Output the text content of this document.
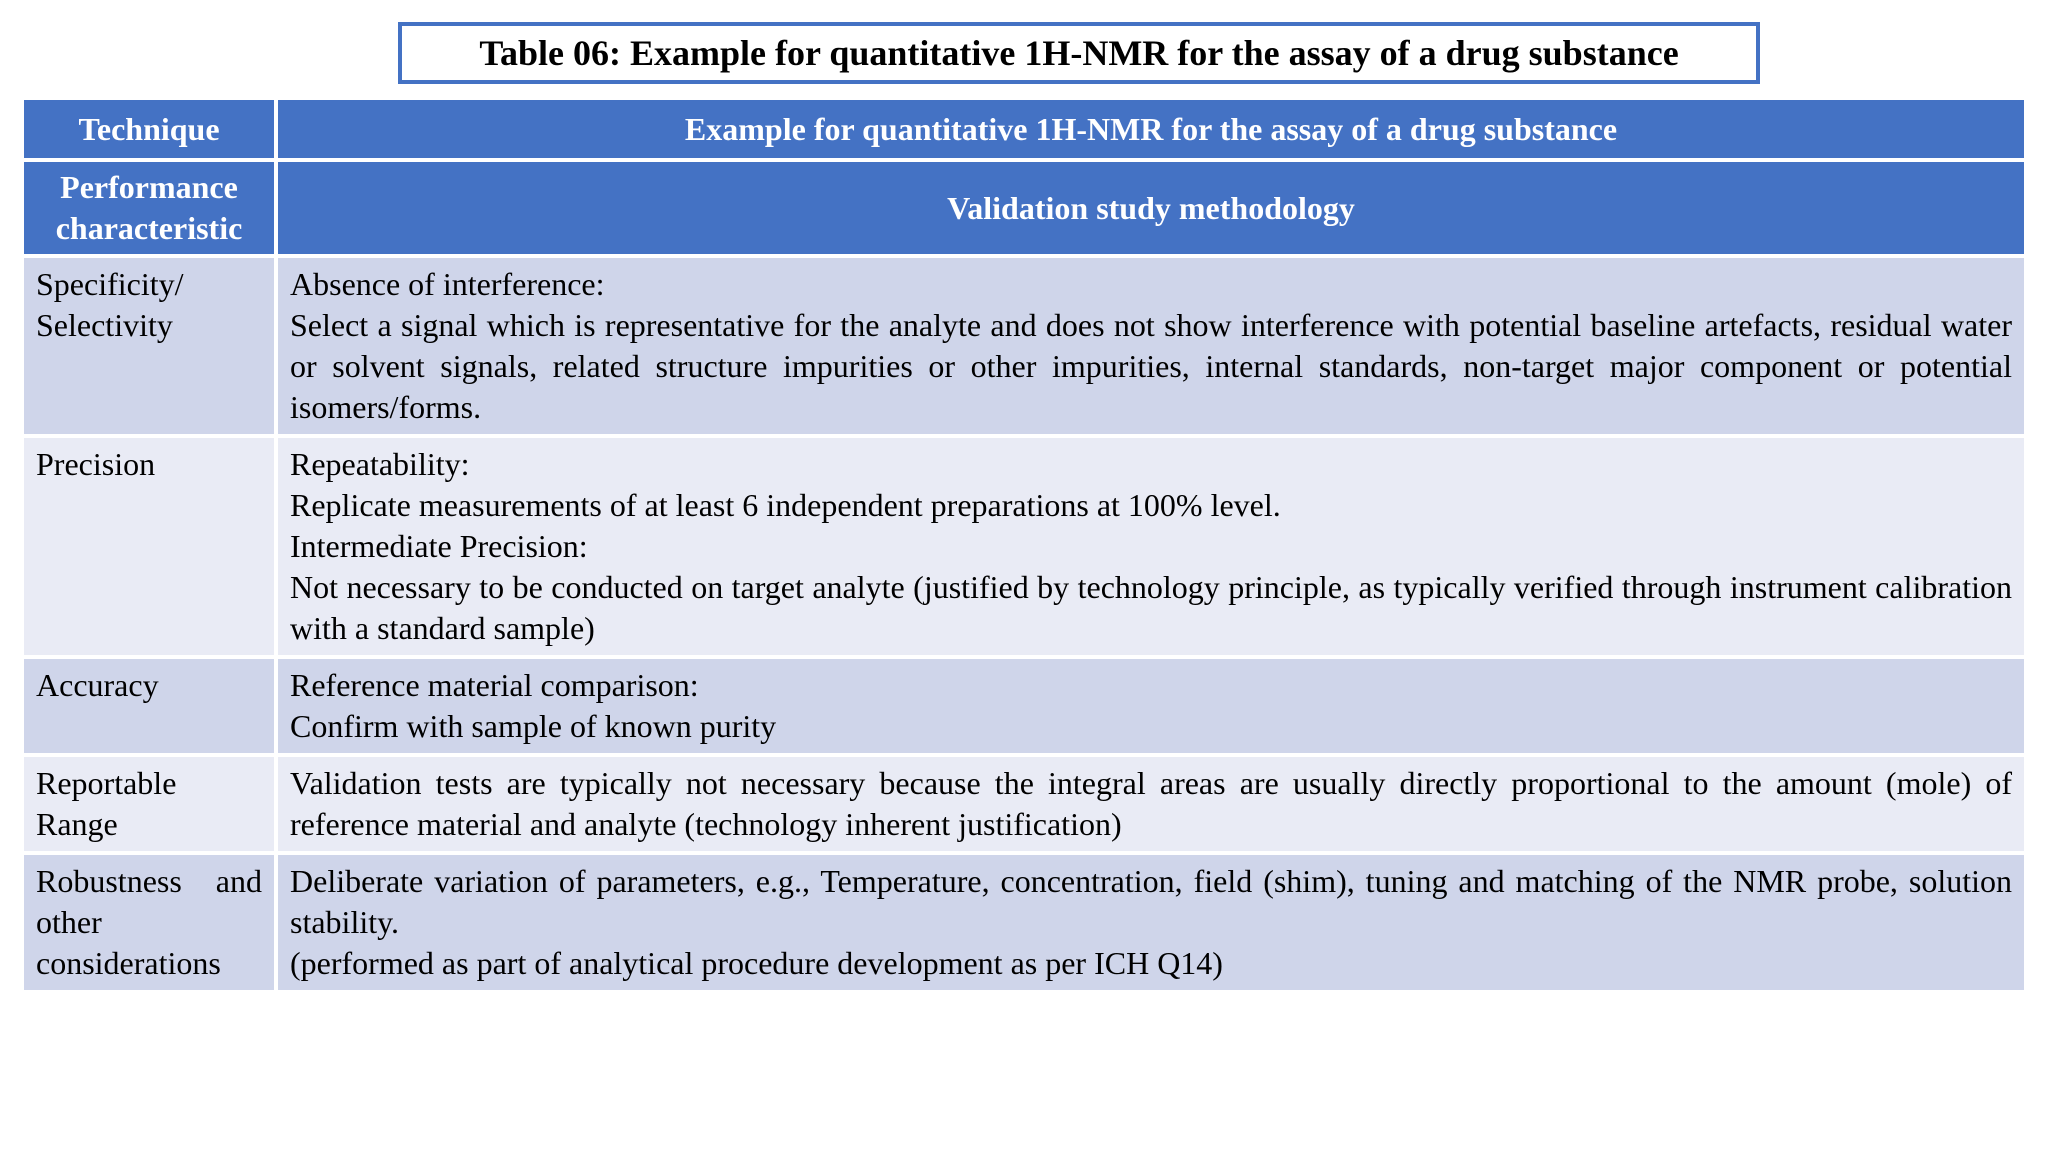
Table 06: Example for quantitative 1H-NMR for the assay of a drug substance
Technique	Example for quantitative 1H-NMR for the assay of a drug substance
Performance characteristic	Validation study methodology
Specificity/ Selectivity	Absence of interference:
Select a signal which is representative for the analyte and does not show interference with potential baseline artefacts, residual water or solvent signals, related structure impurities or other impurities, internal standards, non-target major component or potential isomers/forms.

Precision	Repeatability:
Replicate measurements of at least 6 independent preparations at 100% level.
Intermediate Precision:
Not necessary to be conducted on target analyte (justified by technology principle, as typically verified through instrument calibration with a standard sample)

Accuracy	Reference material comparison:
Confirm with sample of known purity

Reportable Range	Validation tests are typically not necessary because the integral areas are usually directly proportional to the amount (mole) of reference material and analyte (technology inherent justification)

Robustness and other considerations	Deliberate variation of parameters, e.g., Temperature, concentration, field (shim), tuning and matching of the NMR probe, solution stability.
(performed as part of analytical procedure development as per ICH Q14)
